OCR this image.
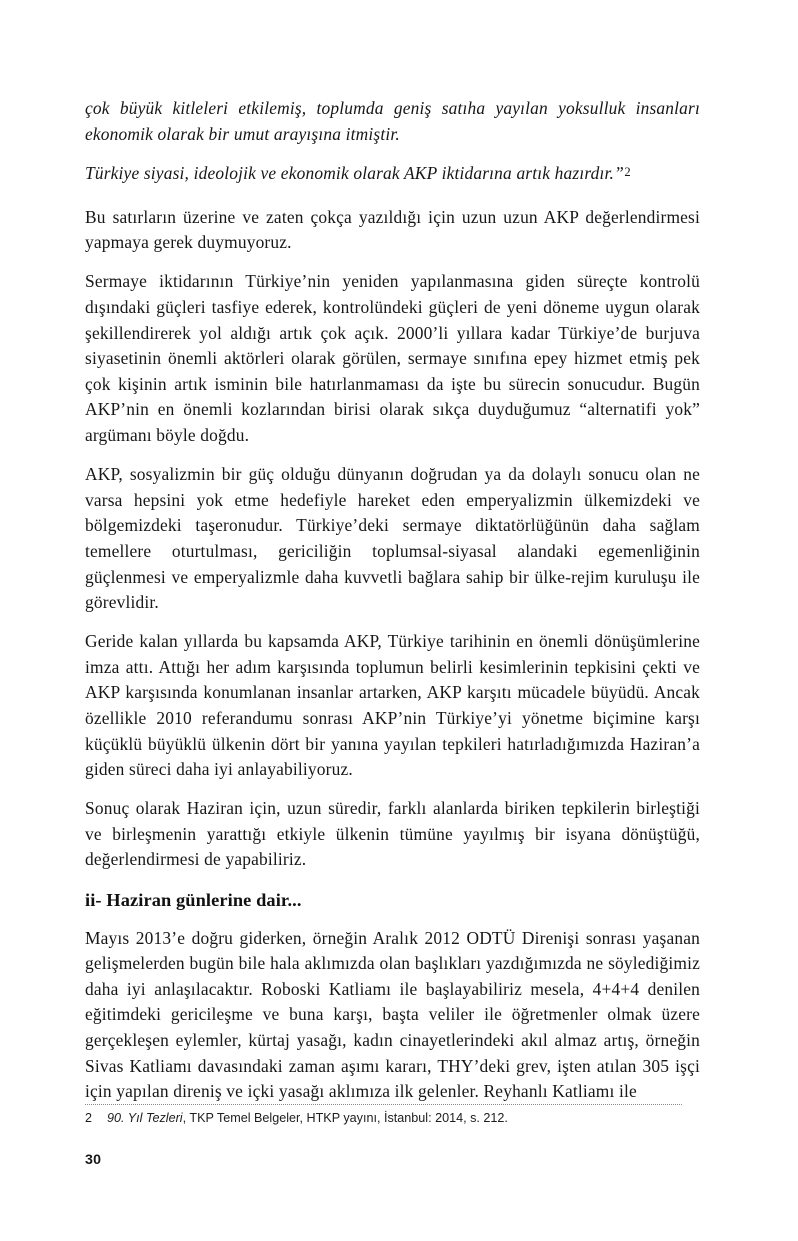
çok büyük kitleleri etkilemiş, toplumda geniş satıha yayılan yoksulluk insanları ekonomik olarak bir umut arayışına itmiştir.

Türkiye siyasi, ideolojik ve ekonomik olarak AKP iktidarına artık hazırdır.”$^2$

Bu satırların üzerine ve zaten çokça yazıldığı için uzun uzun AKP değerlendirmesi yapmaya gerek duymuyoruz.

Sermaye iktidarının Türkiye’nin yeniden yapılanmasına giden süreçte kontrolü dışındaki güçleri tasfiye ederek, kontrolündeki güçleri de yeni döneme uygun olarak şekillendirerek yol aldığı artık çok açık. 2000’li yıllara kadar Türkiye’de burjuva siyasetinin önemli aktörleri olarak görülen, sermaye sınıfına epey hizmet etmiş pek çok kişinin artık isminin bile hatırlanmaması da işte bu sürecin sonucudur. Bugün AKP’nin en önemli kozlarından birisi olarak sıkça duyduğumuz “alternatifi yok” argümanı böyle doğdu.

AKP, sosyalizmin bir güç olduğu dünyanın doğrudan ya da dolaylı sonucu olan ne varsa hepsini yok etme hedefiyle hareket eden emperyalizmin ülkemizdeki ve bölgemizdeki taşeronudur. Türkiye’deki sermaye diktatörlüğünün daha sağlam temellere oturtulması, gericiliğin toplumsal-siyasal alandaki egemenliğinin güçlenmesi ve emperyalizmle daha kuvvetli bağlara sahip bir ülke-rejim kuruluşu ile görevlidir.

Geride kalan yıllarda bu kapsamda AKP, Türkiye tarihinin en önemli dönüşümlerine imza attı. Attığı her adım karşısında toplumun belirli kesimlerinin tepkisini çekti ve AKP karşısında konumlanan insanlar artarken, AKP karşıtı mücadele büyüdü. Ancak özellikle 2010 referandumu sonrası AKP’nin Türkiye’yi yönetme biçimine karşı küçüklü büyüklü ülkenin dört bir yanına yayılan tepkileri hatırladığımızda Haziran’a giden süreci daha iyi anlayabiliyoruz.

Sonuç olarak Haziran için, uzun süredir, farklı alanlarda biriken tepkilerin birleştiği ve birleşmenin yarattığı etkiyle ülkenin tümüne yayılmış bir isyana dönüştüğü, değerlendirmesi de yapabiliriz.

ii- Haziran günlerine dair...

Mayıs 2013’e doğru giderken, örneğin Aralık 2012 ODTÜ Direnişi sonrası yaşanan gelişmelerden bugün bile hala aklımızda olan başlıkları yazdığımızda ne söylediğimiz daha iyi anlaşılacaktır. Roboski Katliamı ile başlayabiliriz mesela, 4+4+4 denilen eğitimdeki gericileşme ve buna karşı, başta veliler ile öğretmenler olmak üzere gerçekleşen eylemler, kürtaj yasağı, kadın cinayetlerindeki akıl almaz artış, örneğin Sivas Katliamı davasındaki zaman aşımı kararı, THY’deki grev, işten atılan 305 işçi için yapılan direniş ve içki yasağı aklımıza ilk gelenler. Reyhanlı Katliamı ile

2 90. Yıl Tezleri, TKP Temel Belgeler, HTKP yayını, İstanbul: 2014, s. 212.
30
